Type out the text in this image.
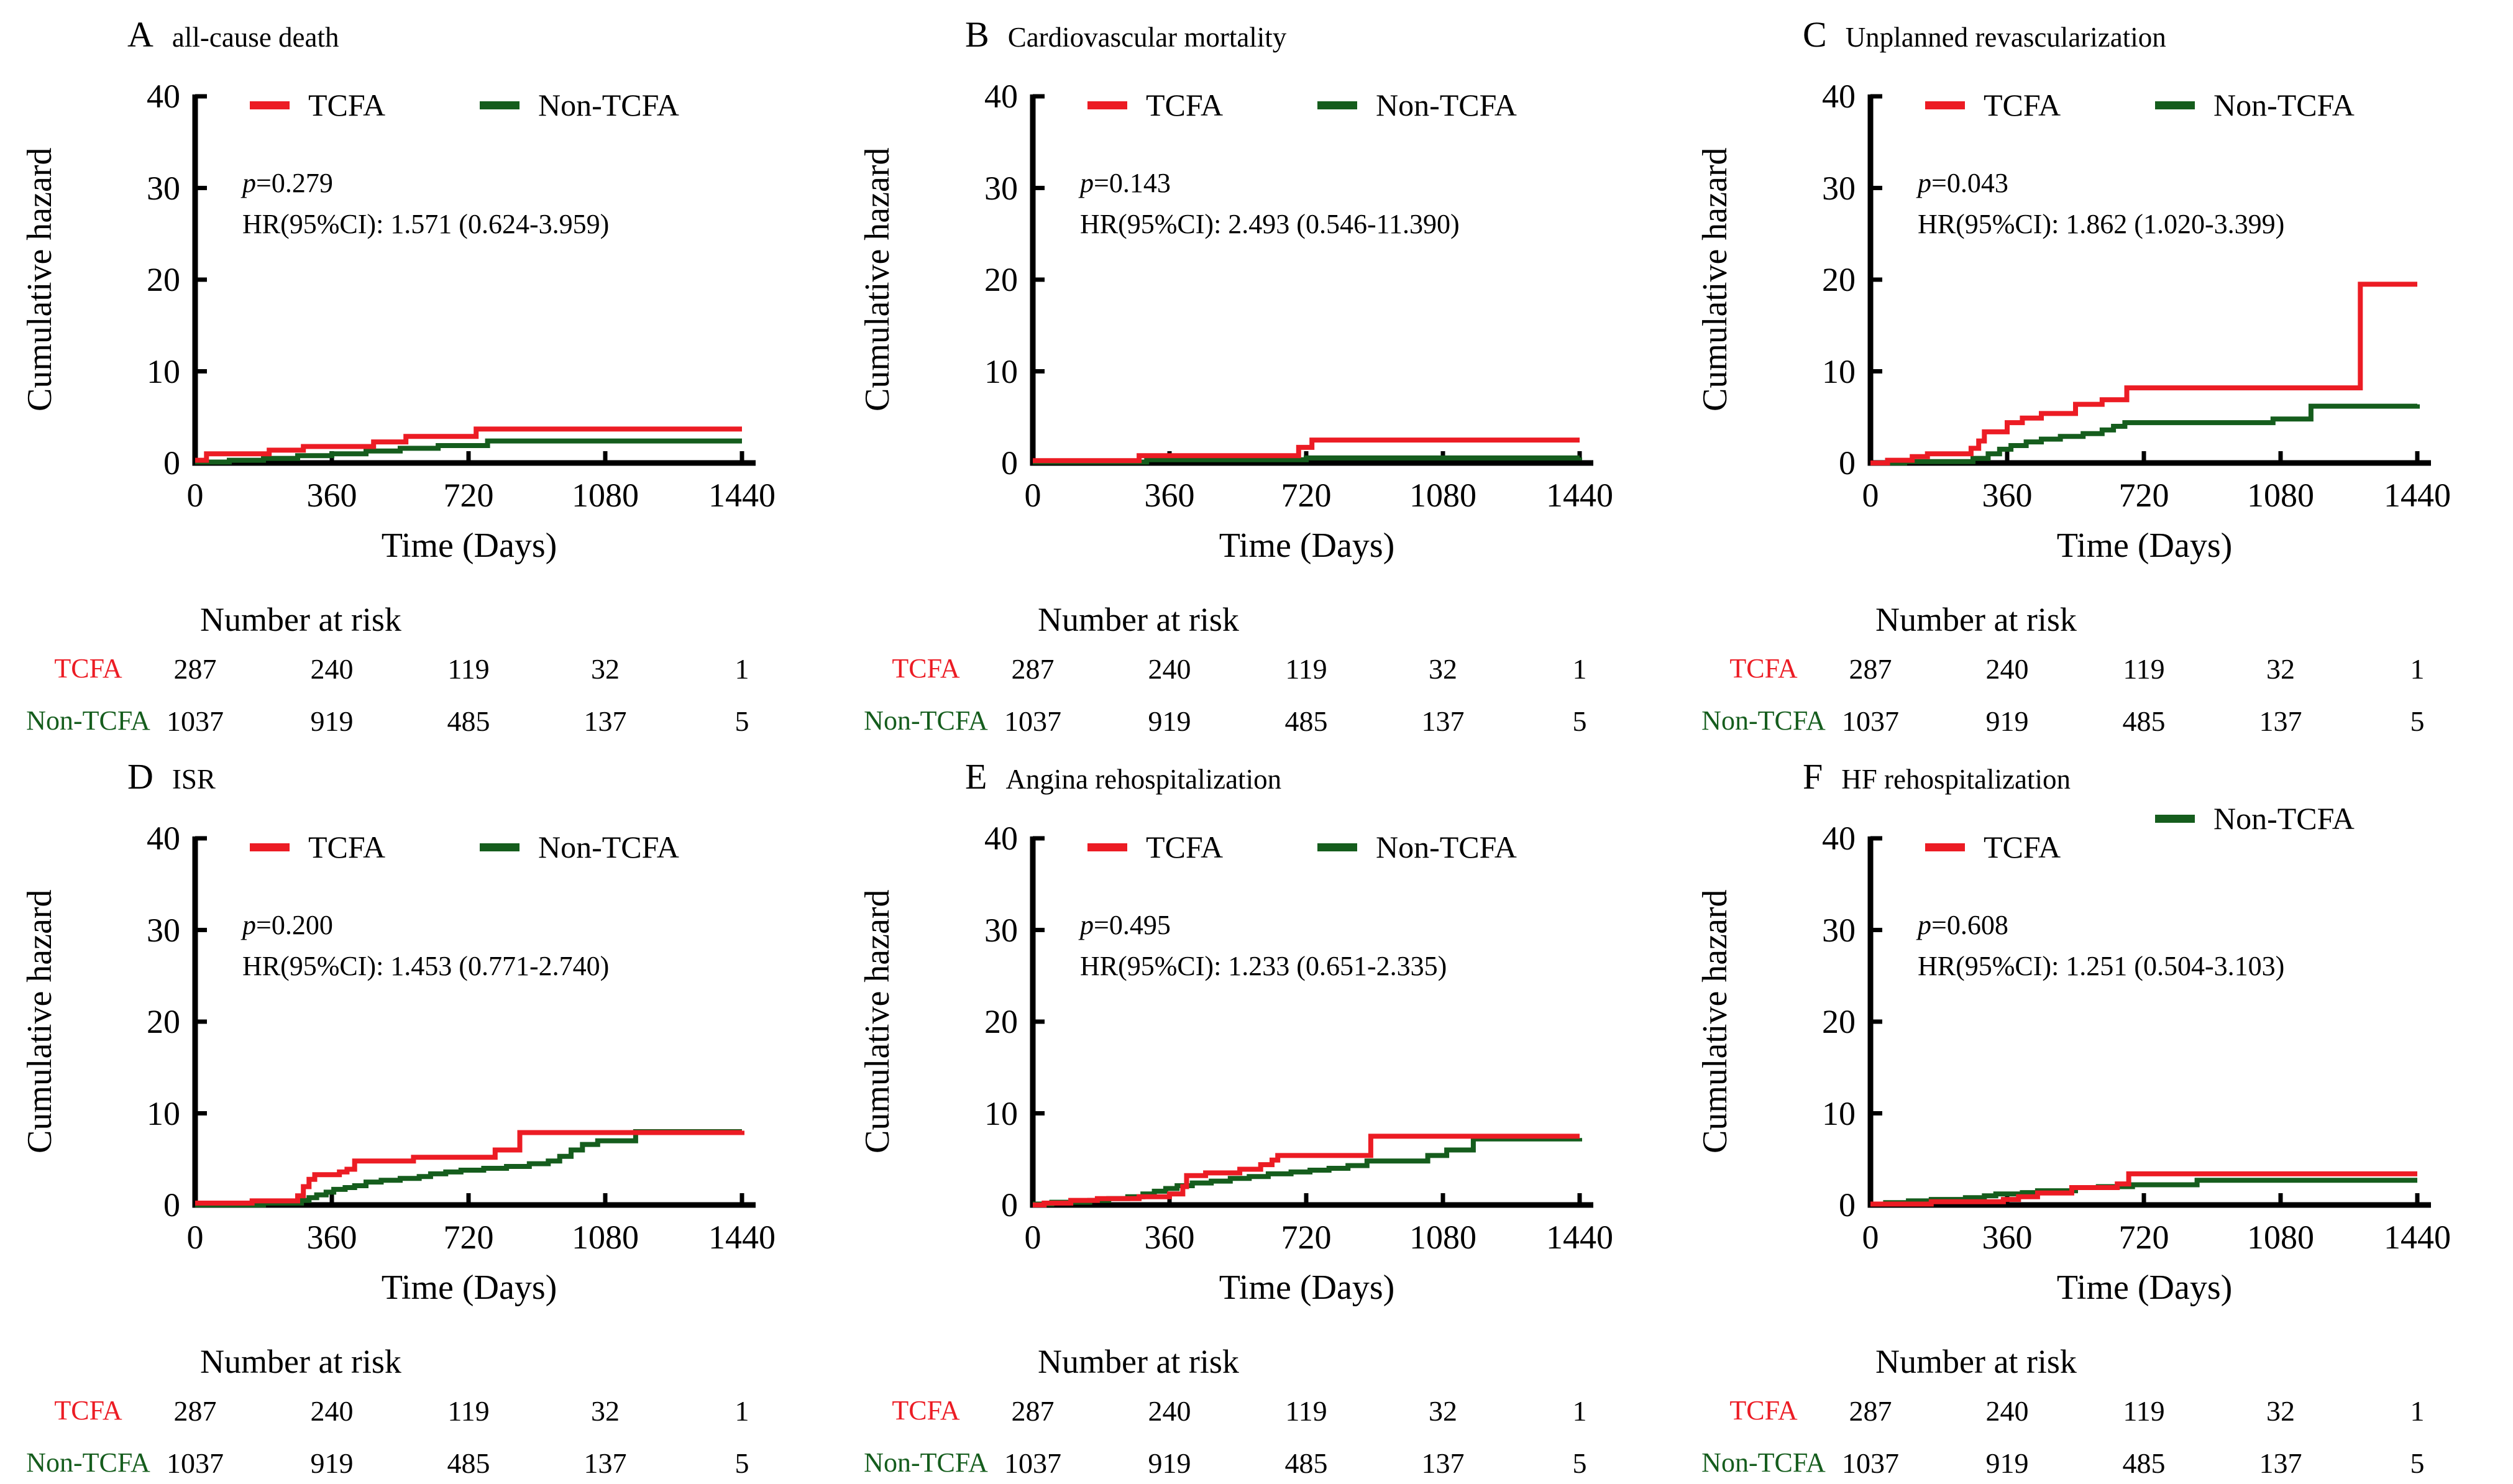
A all-cause death
Cumulative hazard
0
10
20
30
40
0	360	720 1080 1440
TCFA	Non-TCFA
p=0.279
HR(95%CI): 1.571 (0.624-3.959)
Time (Days)
Number at risk
TCFA	287	240	119	32	1
Non-TCFA 1037	919	485	137	5
B Cardiovascular mortality
Cumulative hazard
0
10
20
30
40
0	360	720 1080 1440
TCFA	Non-TCFA
p=0.143
HR(95%CI): 2.493 (0.546-11.390)
Time (Days)
Number at risk
TCFA	287	240	119	32	1
Non-TCFA 1037	919	485	137	5
C Unplanned revascularization
Cumulative hazard
0
10
20
30
40
0	360	720 1080 1440
TCFA	Non-TCFA
p=0.043
HR(95%CI): 1.862 (1.020-3.399)
Time (Days)
Number at risk
TCFA	287	240	119	32	1
Non-TCFA 1037	919	485	137	5
D ISR
Cumulative hazard
0
10
20
30
40
0	360	720 1080 1440
TCFA	Non-TCFA
p=0.200
HR(95%CI): 1.453 (0.771-2.740)
Time (Days)
Number at risk
TCFA	287	240	119	32	1
Non-TCFA 1037	919	485	137	5
E Angina rehospitalization
Cumulative hazard
0
10
20
30
40
0	360	720 1080 1440
TCFA	Non-TCFA
p=0.495
HR(95%CI): 1.233 (0.651-2.335)
Time (Days)
Number at risk
TCFA	287	240	119	32	1
Non-TCFA 1037	919	485	137	5
F HF rehospitalization
Cumulative hazard
0
10
20
30
40
0	360	720 1080 1440
TCFA
Non-TCFA
p=0.608
HR(95%CI): 1.251 (0.504-3.103)
Time (Days)
Number at risk
TCFA	287	240	119	32	1
Non-TCFA 1037	919	485	137	5
